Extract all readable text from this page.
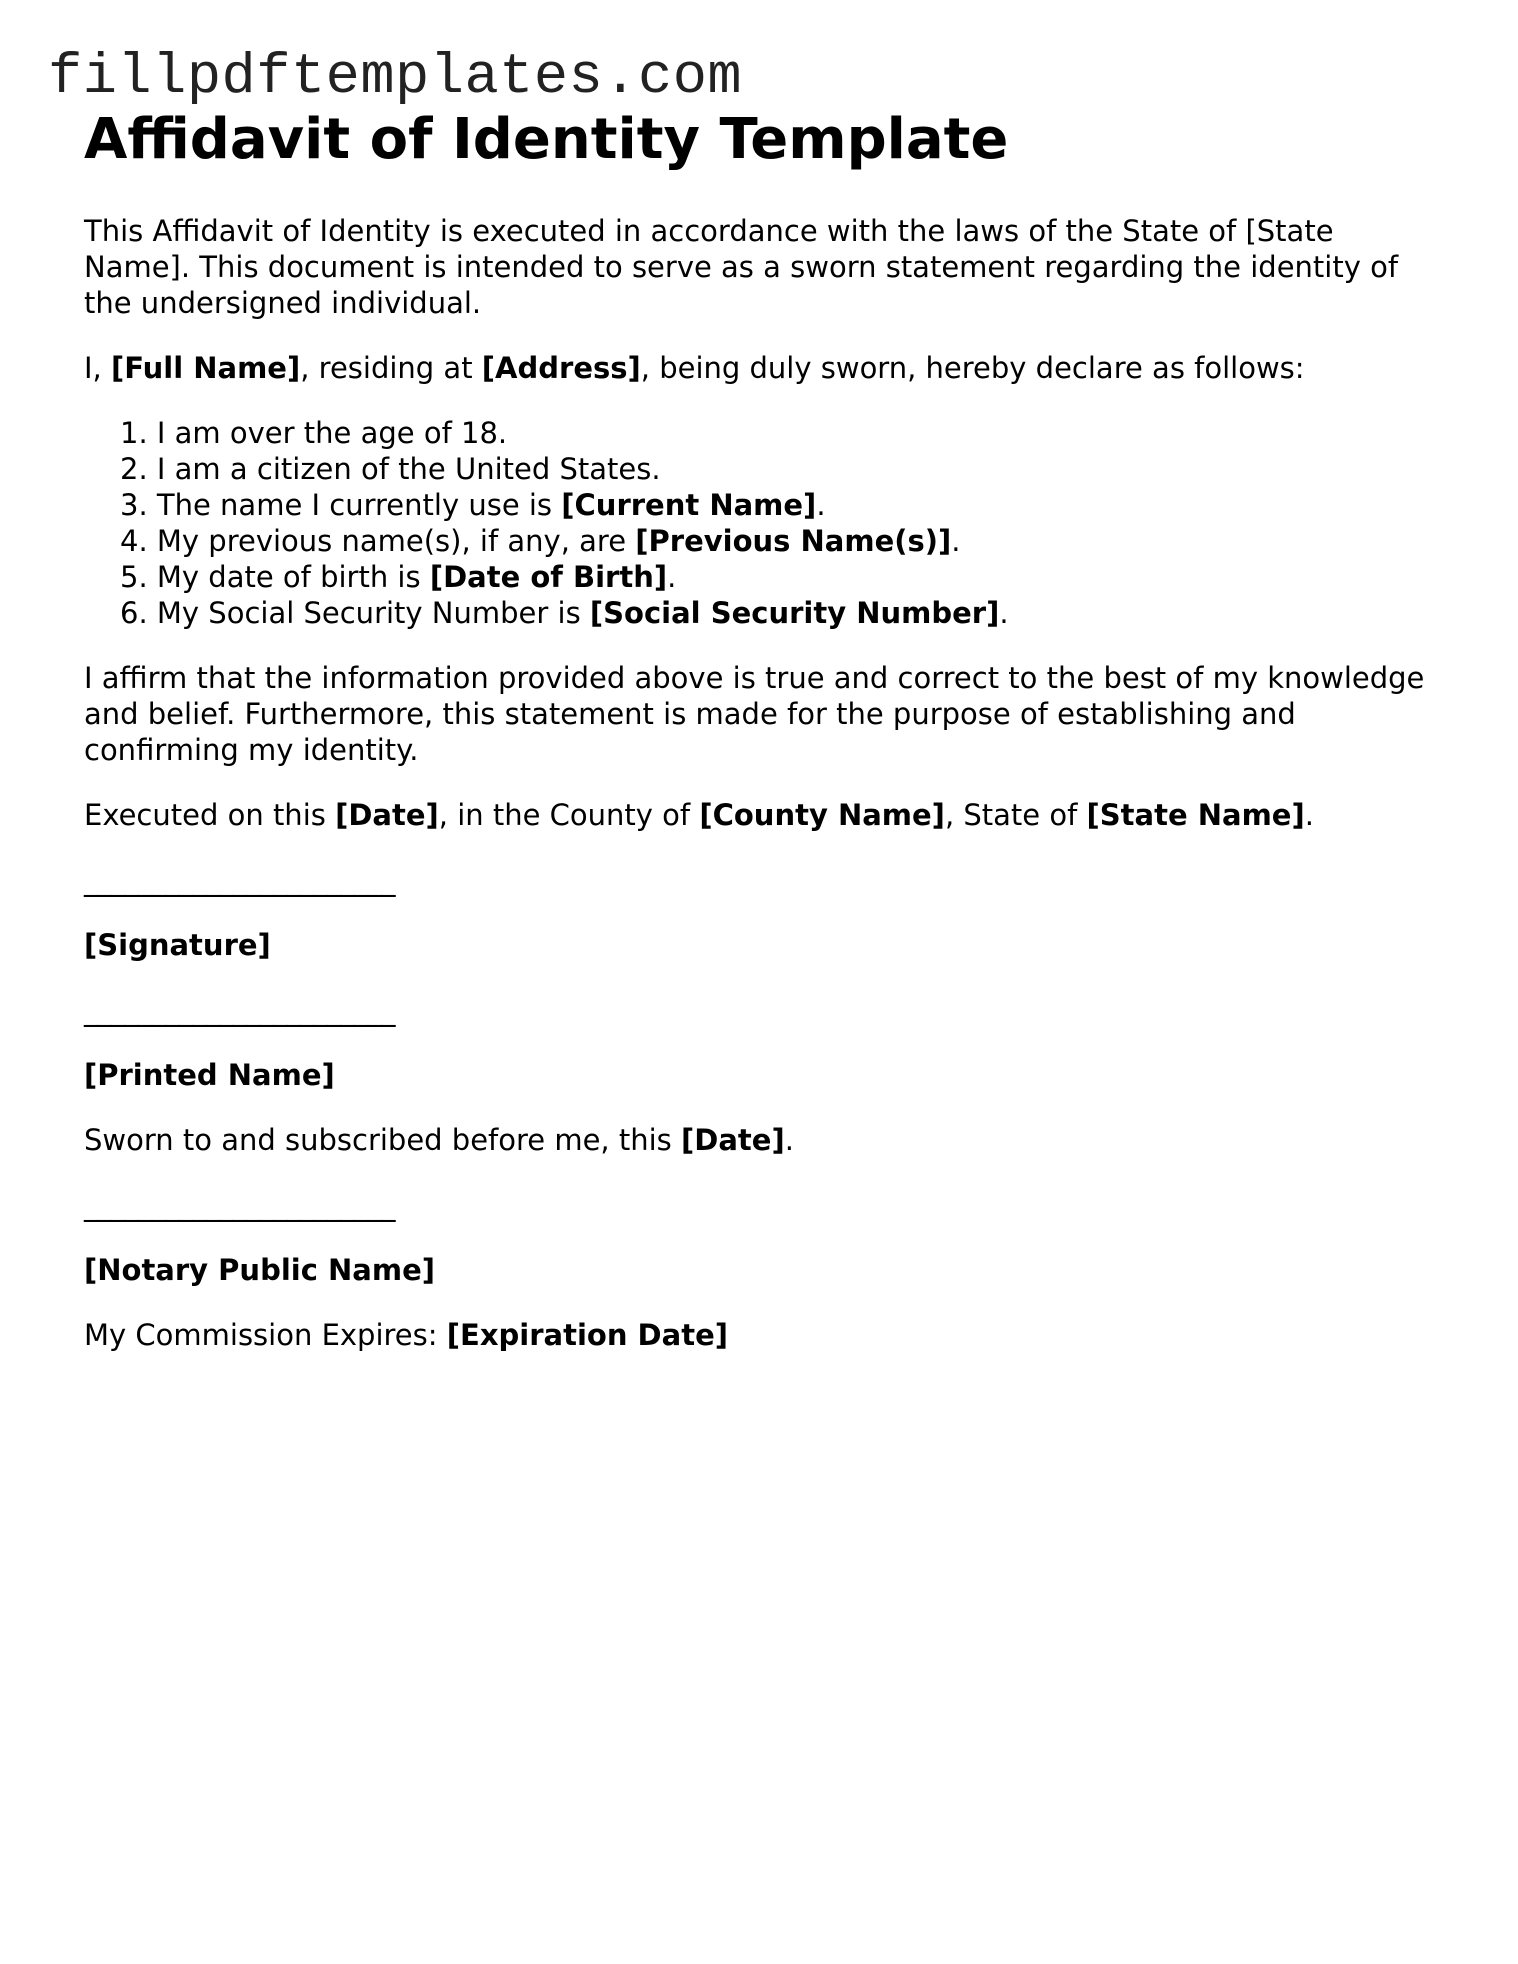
fillpdftemplates.com
Affidavit of Identity Template

This Affidavit of Identity is executed in accordance with the laws of the State of [State Name]. This document is intended to serve as a sworn statement regarding the identity of the undersigned individual.

I, [Full Name], residing at [Address], being duly sworn, hereby declare as follows:

1. I am over the age of 18.
2. I am a citizen of the United States.
3. The name I currently use is [Current Name].
4. My previous name(s), if any, are [Previous Name(s)].
5. My date of birth is [Date of Birth].
6. My Social Security Number is [Social Security Number].

I affirm that the information provided above is true and correct to the best of my knowledge and belief. Furthermore, this statement is made for the purpose of establishing and confirming my identity.

Executed on this [Date], in the County of [County Name], State of [State Name].

_______________________
[Signature]
_______________________
[Printed Name]

Sworn to and subscribed before me, this [Date].

_______________________
[Notary Public Name]

My Commission Expires: [Expiration Date]
